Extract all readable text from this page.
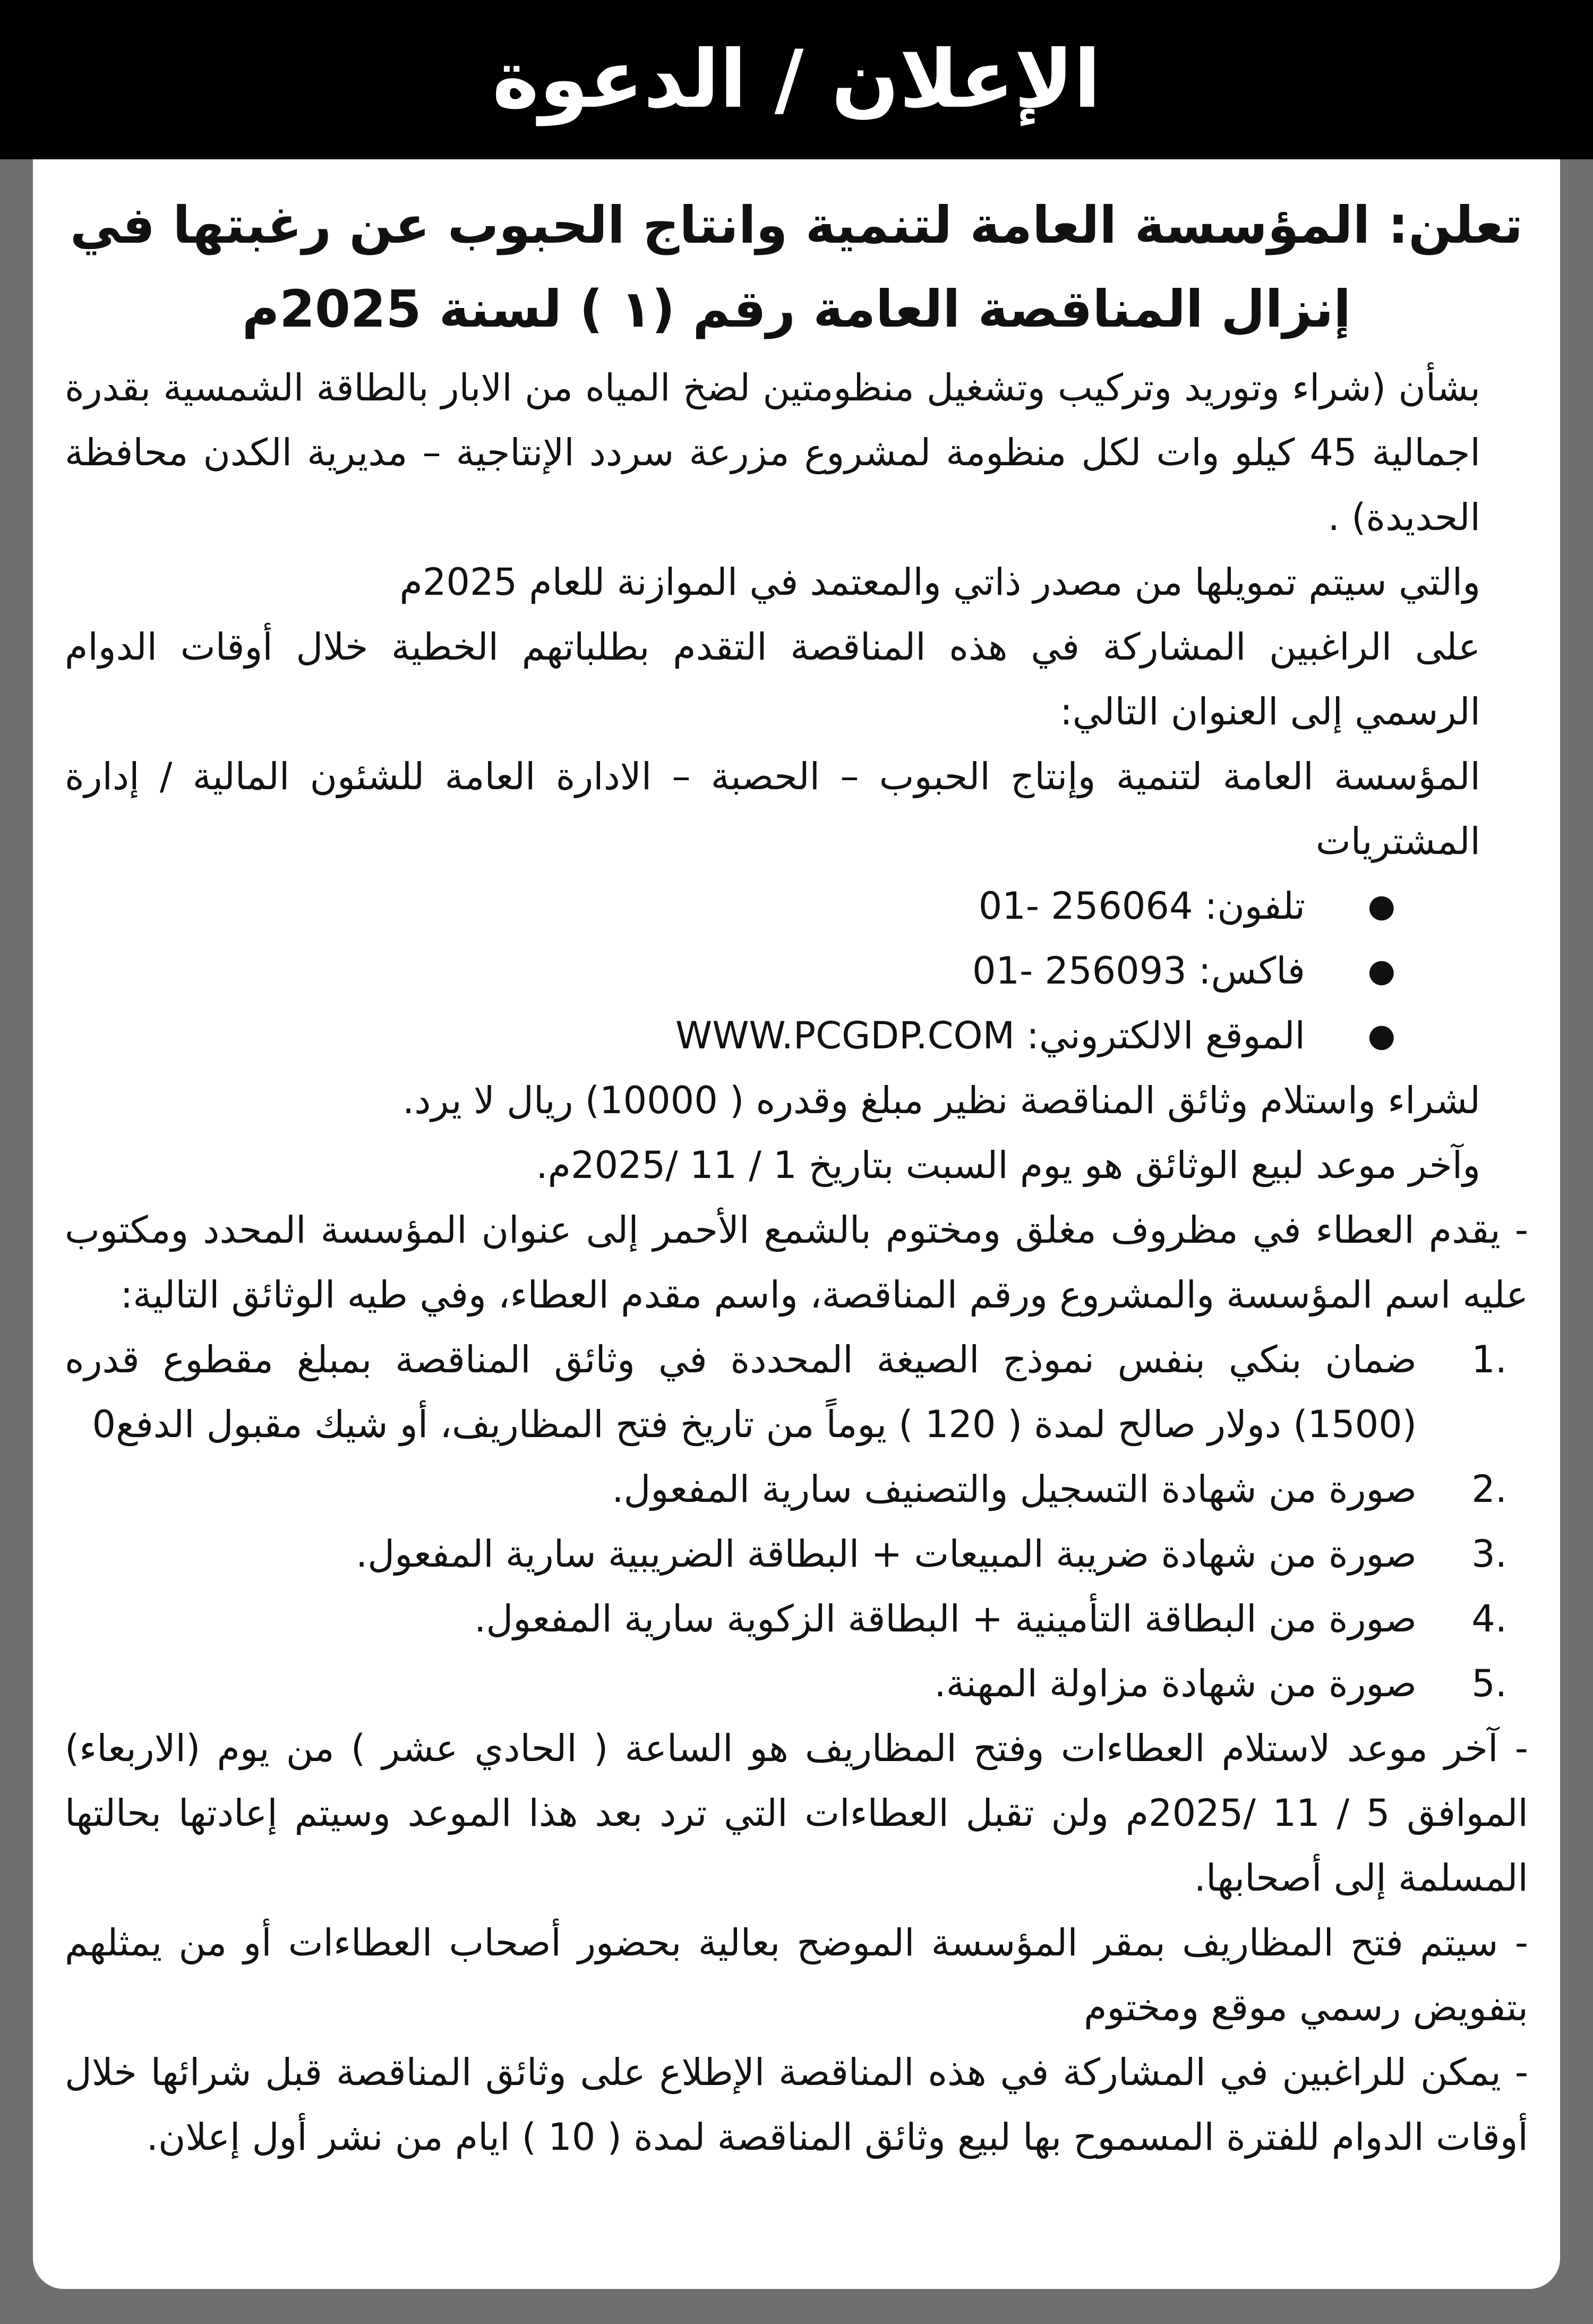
الإعلان / الدعوة
تعلن: المؤسسة العامة لتنمية وانتاج الحبوب عن رغبتها في إنزال المناقصة العامة رقم (١ ) لسنة 2025م

بشأن (شراء وتوريد وتركيب وتشغيل منظومتين لضخ المياه من الابار بالطاقة الشمسية بقدرة اجمالية 45 كيلو وات لكل منظومة لمشروع مزرعة سردد الإنتاجية – مديرية الكدن محافظة الحديدة) .

والتي سيتم تمويلها من مصدر ذاتي والمعتمد في الموازنة للعام 2025م

على الراغبين المشاركة في هذه المناقصة التقدم بطلباتهم الخطية خلال أوقات الدوام الرسمي إلى العنوان التالي:

المؤسسة العامة لتنمية وإنتاج الحبوب – الحصبة – الادارة العامة للشئون المالية / إدارة المشتريات

●
تلفون: 01- 256064
●
فاكس: 01- 256093
●
الموقع الالكتروني: WWW.PCGDP.COM

لشراء واستلام وثائق المناقصة نظير مبلغ وقدره ( 10000) ريال لا يرد.

وآخر موعد لبيع الوثائق هو يوم السبت بتاريخ 1 / 11 /2025م.

- يقدم العطاء في مظروف مغلق ومختوم بالشمع الأحمر إلى عنوان المؤسسة المحدد ومكتوب عليه اسم المؤسسة والمشروع ورقم المناقصة، واسم مقدم العطاء، وفي طيه الوثائق التالية:

1.
ضمان بنكي بنفس نموذج الصيغة المحددة في وثائق المناقصة بمبلغ مقطوع قدره (1500) دولار صالح لمدة ( 120 ) يوماً من تاريخ فتح المظاريف، أو شيك مقبول الدفع0
2.
صورة من شهادة التسجيل والتصنيف سارية المفعول.
3.
صورة من شهادة ضريبة المبيعات + البطاقة الضريبية سارية المفعول.
4.
صورة من البطاقة التأمينية + البطاقة الزكوية سارية المفعول.
5.
صورة من شهادة مزاولة المهنة.

- آخر موعد لاستلام العطاءات وفتح المظاريف هو الساعة ( الحادي عشر ) من يوم (الاربعاء) الموافق 5 / 11 /2025م ولن تقبل العطاءات التي ترد بعد هذا الموعد وسيتم إعادتها بحالتها المسلمة إلى أصحابها.

- سيتم فتح المظاريف بمقر المؤسسة الموضح بعالية بحضور أصحاب العطاءات أو من يمثلهم بتفويض رسمي موقع ومختوم

- يمكن للراغبين في المشاركة في هذه المناقصة الإطلاع على وثائق المناقصة قبل شرائها خلال أوقات الدوام للفترة المسموح بها لبيع وثائق المناقصة لمدة ( 10 ) ايام من نشر أول إعلان.
